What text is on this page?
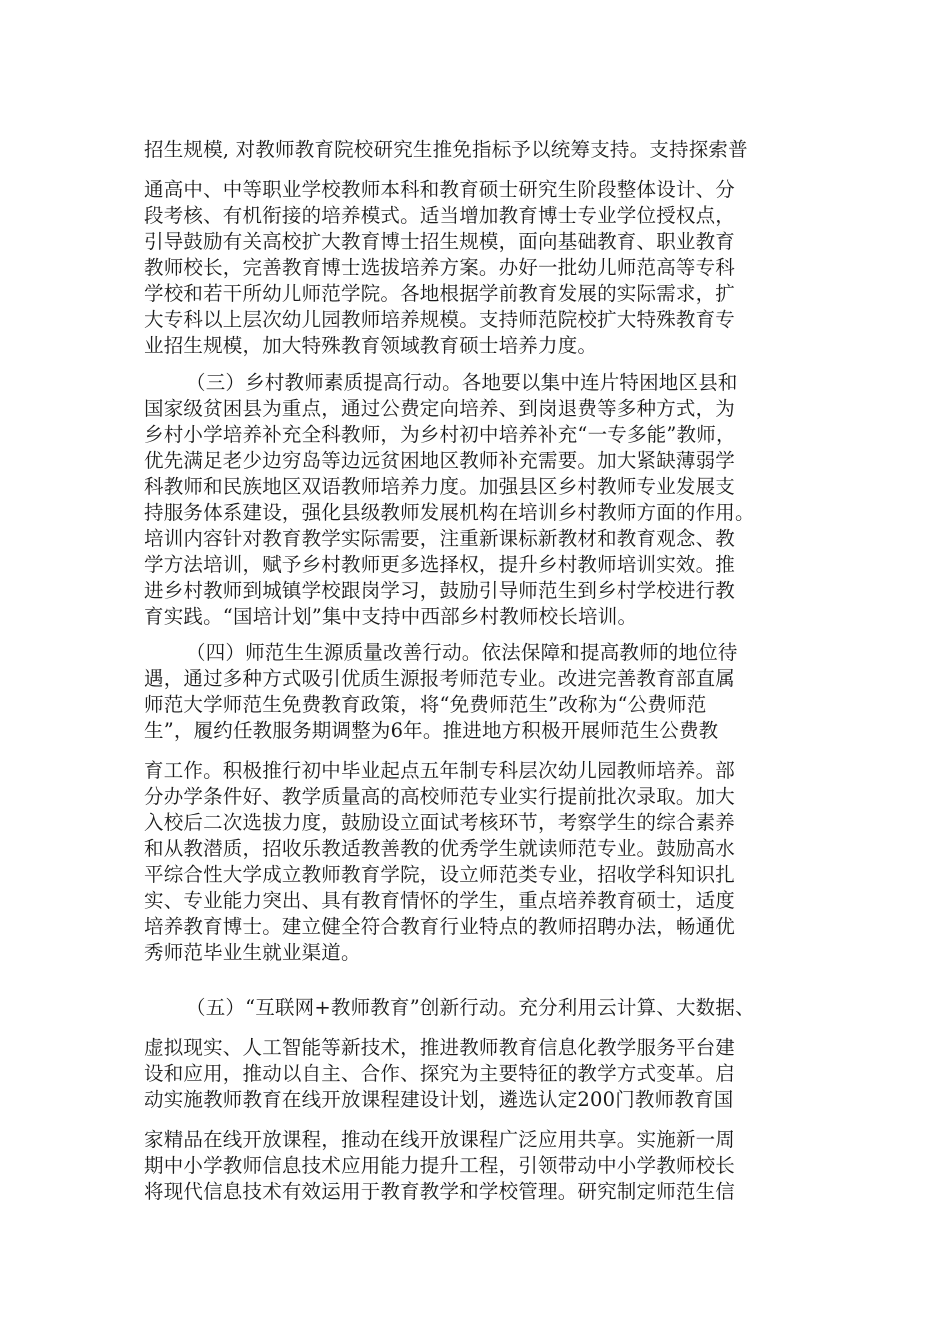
招生规模, 对教师教育院校研究生推免指标予以统筹支持。支持探索普
通高中、中等职业学校教师本科和教育硕士研究生阶段整体设计、分
段考核、有机衔接的培养模式。适当增加教育博士专业学位授权点，
引导鼓励有关高校扩大教育博士招生规模，面向基础教育、职业教育
教师校长，完善教育博士选拔培养方案。办好一批幼儿师范高等专科
学校和若干所幼儿师范学院。各地根据学前教育发展的实际需求，扩
大专科以上层次幼儿园教师培养规模。支持师范院校扩大特殊教育专
业招生规模，加大特殊教育领域教育硕士培养力度。
（三）乡村教师素质提高行动。各地要以集中连片特困地区县和
国家级贫困县为重点，通过公费定向培养、到岗退费等多种方式，为
乡村小学培养补充全科教师，为乡村初中培养补充“一专多能”教师，
优先满足老少边穷岛等边远贫困地区教师补充需要。加大紧缺薄弱学
科教师和民族地区双语教师培养力度。加强县区乡村教师专业发展支
持服务体系建设，强化县级教师发展机构在培训乡村教师方面的作用。
培训内容针对教育教学实际需要，注重新课标新教材和教育观念、教
学方法培训，赋予乡村教师更多选择权，提升乡村教师培训实效。推
进乡村教师到城镇学校跟岗学习，鼓励引导师范生到乡村学校进行教
育实践。“国培计划”集中支持中西部乡村教师校长培训。
（四）师范生生源质量改善行动。依法保障和提高教师的地位待
遇，通过多种方式吸引优质生源报考师范专业。改进完善教育部直属
师范大学师范生免费教育政策，将“免费师范生”改称为“公费师范
生”，履约任教服务期调整为6年。推进地方积极开展师范生公费教
育工作。积极推行初中毕业起点五年制专科层次幼儿园教师培养。部
分办学条件好、教学质量高的高校师范专业实行提前批次录取。加大
入校后二次选拔力度，鼓励设立面试考核环节，考察学生的综合素养
和从教潜质，招收乐教适教善教的优秀学生就读师范专业。鼓励高水
平综合性大学成立教师教育学院，设立师范类专业，招收学科知识扎
实、专业能力突出、具有教育情怀的学生，重点培养教育硕士，适度
培养教育博士。建立健全符合教育行业特点的教师招聘办法，畅通优
秀师范毕业生就业渠道。
（五）“互联网+教师教育”创新行动。充分利用云计算、大数据、
虚拟现实、人工智能等新技术，推进教师教育信息化教学服务平台建
设和应用，推动以自主、合作、探究为主要特征的教学方式变革。启
动实施教师教育在线开放课程建设计划，遴选认定200门教师教育国
家精品在线开放课程，推动在线开放课程广泛应用共享。实施新一周
期中小学教师信息技术应用能力提升工程，引领带动中小学教师校长
将现代信息技术有效运用于教育教学和学校管理。研究制定师范生信
